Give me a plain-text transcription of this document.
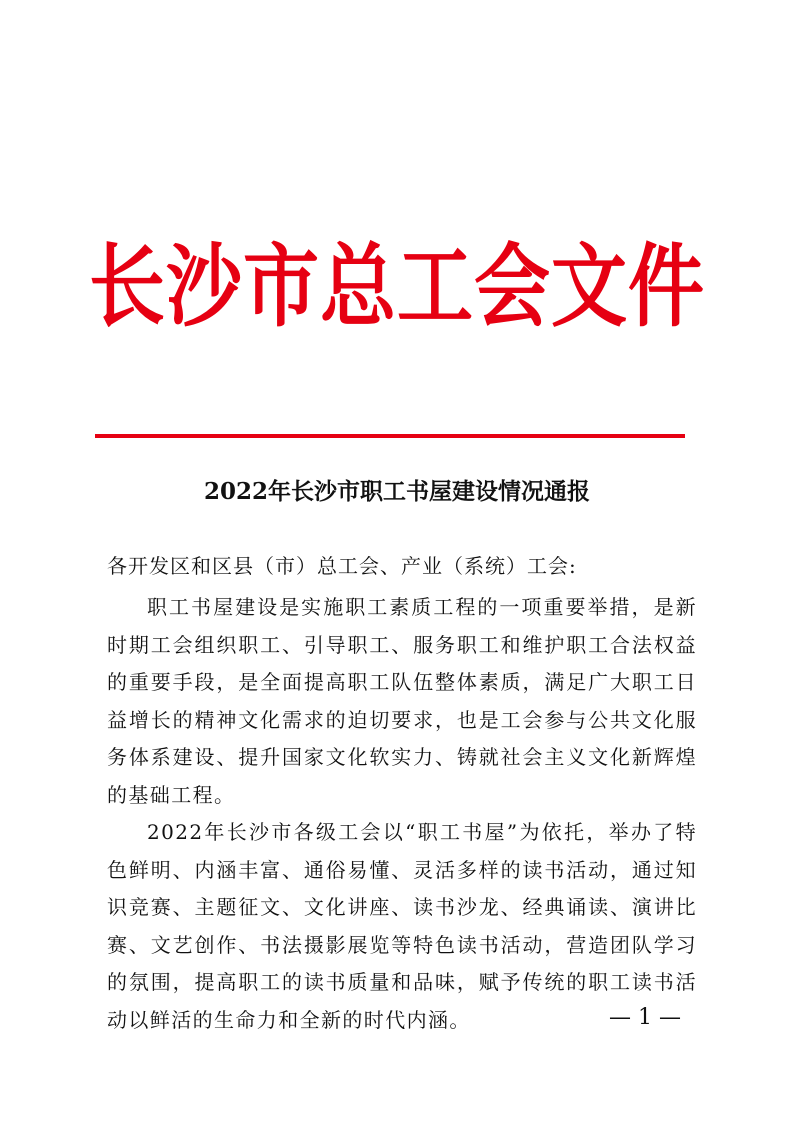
长沙市总工会文件
2022年长沙市职工书屋建设情况通报
各开发区和区县（市）总工会、产业（系统）工会:

职工书屋建设是实施职工素质工程的一项重要举措，是新时期工会组织职工、引导职工、服务职工和维护职工合法权益的重要手段，是全面提高职工队伍整体素质，满足广大职工日益增长的精神文化需求的迫切要求，也是工会参与公共文化服务体系建设、提升国家文化软实力、铸就社会主义文化新辉煌的基础工程。

2022年长沙市各级工会以“职工书屋”为依托，举办了特色鲜明、内涵丰富、通俗易懂、灵活多样的读书活动，通过知识竞赛、主题征文、文化讲座、读书沙龙、经典诵读、演讲比赛、文艺创作、书法摄影展览等特色读书活动，营造团队学习的氛围，提高职工的读书质量和品味，赋予传统的职工读书活动以鲜活的生命力和全新的时代内涵。	— 1 —
